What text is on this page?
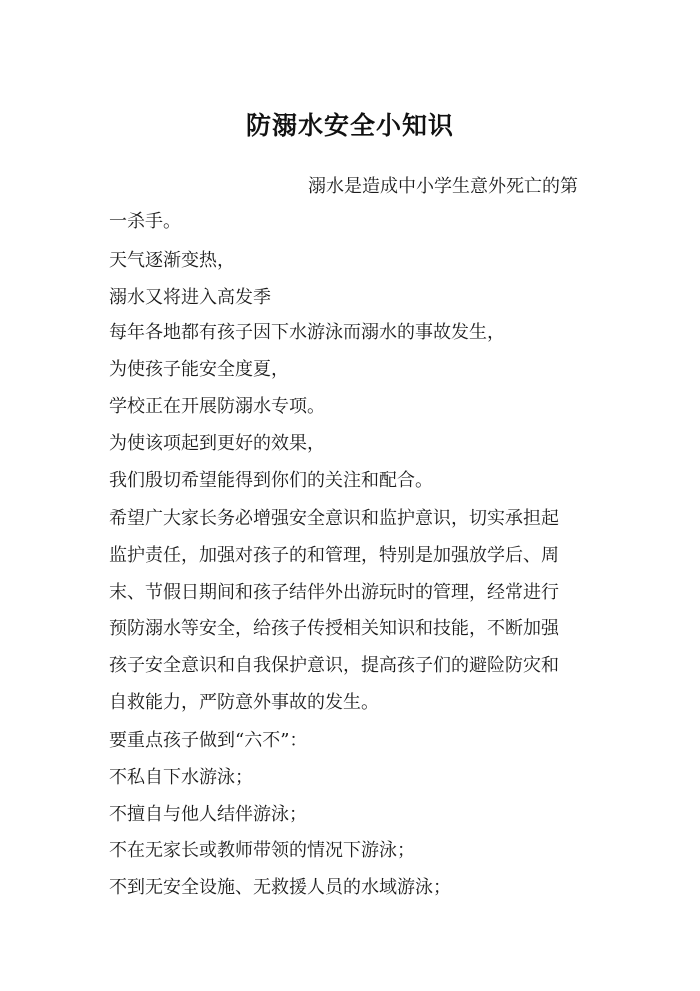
防溺水安全小知识

溺水是造成中小学生意外死亡的第

一杀手。

天气逐渐变热，

溺水又将进入高发季

每年各地都有孩子因下水游泳而溺水的事故发生，

为使孩子能安全度夏，

学校正在开展防溺水专项。

为使该项起到更好的效果，

我们殷切希望能得到你们的关注和配合。

希望广大家长务必增强安全意识和监护意识，切实承担起

监护责任，加强对孩子的和管理，特别是加强放学后、周

末、节假日期间和孩子结伴外出游玩时的管理，经常进行

预防溺水等安全，给孩子传授相关知识和技能，不断加强

孩子安全意识和自我保护意识，提高孩子们的避险防灾和

自救能力，严防意外事故的发生。

要重点孩子做到“六不”：

不私自下水游泳；

不擅自与他人结伴游泳；

不在无家长或教师带领的情况下游泳；

不到无安全设施、无救援人员的水域游泳；
